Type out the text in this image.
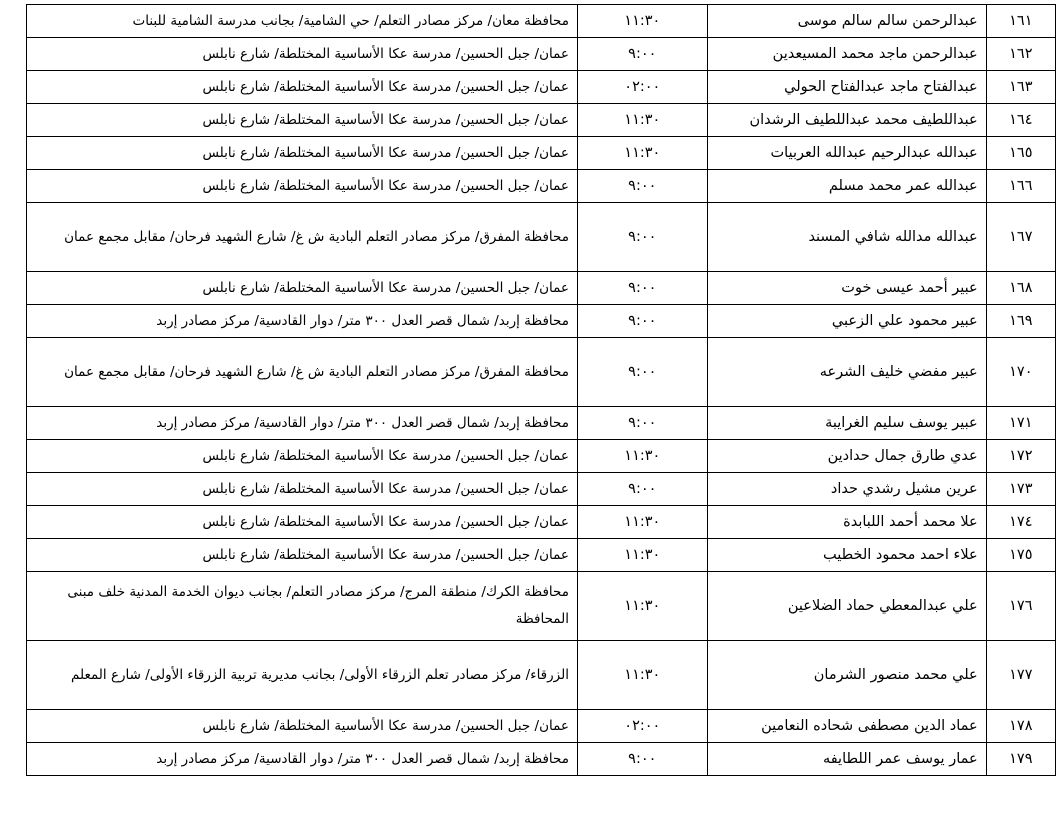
١٦١	عبدالرحمن سالم سالم موسى	١١:٣٠	محافظة معان/ مركز مصادر التعلم/ حي الشامية/ بجانب مدرسة الشامية للبنات
١٦٢	عبدالرحمن ماجد محمد المسيعدين	٩:٠٠	عمان/ جبل الحسين/ مدرسة عكا الأساسية المختلطة/ شارع نابلس
١٦٣	عبدالفتاح ماجد عبدالفتاح الحولي	٠٢:٠٠	عمان/ جبل الحسين/ مدرسة عكا الأساسية المختلطة/ شارع نابلس
١٦٤	عبداللطيف محمد عبداللطيف الرشدان	١١:٣٠	عمان/ جبل الحسين/ مدرسة عكا الأساسية المختلطة/ شارع نابلس
١٦٥	عبدالله عبدالرحيم عبدالله العربيات	١١:٣٠	عمان/ جبل الحسين/ مدرسة عكا الأساسية المختلطة/ شارع نابلس
١٦٦	عبدالله عمر محمد مسلم	٩:٠٠	عمان/ جبل الحسين/ مدرسة عكا الأساسية المختلطة/ شارع نابلس
١٦٧	عبدالله مدالله شافي المسند	٩:٠٠	محافظة المفرق/ مركز مصادر التعلم البادية ش غ/ شارع الشهيد فرحان/ مقابل مجمع عمان
١٦٨	عبير أحمد عيسى خوت	٩:٠٠	عمان/ جبل الحسين/ مدرسة عكا الأساسية المختلطة/ شارع نابلس
١٦٩	عبير محمود علي الزعبي	٩:٠٠	محافظة إربد/ شمال قصر العدل ٣٠٠ متر/ دوار القادسية/ مركز مصادر إربد
١٧٠	عبير مفضي خليف الشرعه	٩:٠٠	محافظة المفرق/ مركز مصادر التعلم البادية ش غ/ شارع الشهيد فرحان/ مقابل مجمع عمان
١٧١	عبير يوسف سليم الغرايبة	٩:٠٠	محافظة إربد/ شمال قصر العدل ٣٠٠ متر/ دوار القادسية/ مركز مصادر إربد
١٧٢	عدي طارق جمال حدادين	١١:٣٠	عمان/ جبل الحسين/ مدرسة عكا الأساسية المختلطة/ شارع نابلس
١٧٣	عرين مشيل رشدي حداد	٩:٠٠	عمان/ جبل الحسين/ مدرسة عكا الأساسية المختلطة/ شارع نابلس
١٧٤	علا محمد أحمد اللبابدة	١١:٣٠	عمان/ جبل الحسين/ مدرسة عكا الأساسية المختلطة/ شارع نابلس
١٧٥	علاء احمد محمود الخطيب	١١:٣٠	عمان/ جبل الحسين/ مدرسة عكا الأساسية المختلطة/ شارع نابلس
١٧٦	علي عبدالمعطي حماد الضلاعين	١١:٣٠	محافظة الكرك/ منطقة المرج/ مركز مصادر التعلم/ بجانب ديوان الخدمة المدنية خلف مبنى المحافظة
١٧٧	علي محمد منصور الشرمان	١١:٣٠	الزرقاء/ مركز مصادر تعلم الزرقاء الأولى/ بجانب مديرية تربية الزرقاء الأولى/ شارع المعلم
١٧٨	عماد الدين مصطفى شحاده النعامين	٠٢:٠٠	عمان/ جبل الحسين/ مدرسة عكا الأساسية المختلطة/ شارع نابلس
١٧٩	عمار يوسف عمر اللطايفه	٩:٠٠	محافظة إربد/ شمال قصر العدل ٣٠٠ متر/ دوار القادسية/ مركز مصادر إربد
